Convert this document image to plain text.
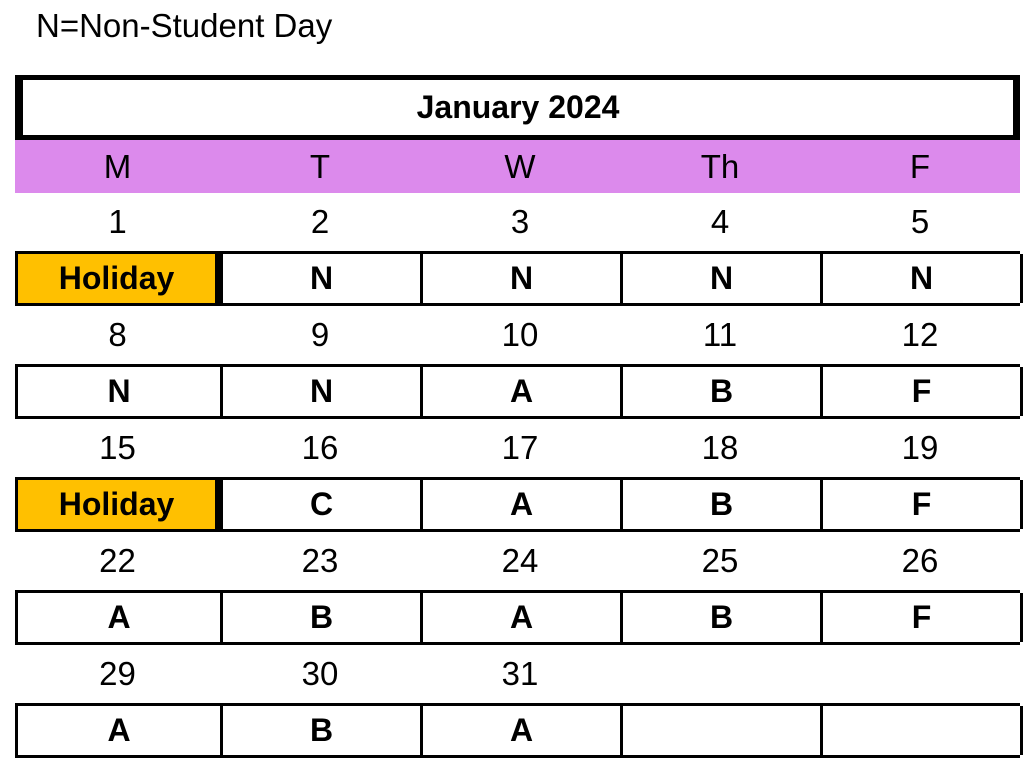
N=Non-Student Day
January 2024
M	T	W	Th	F
1	2	3	4	5
Holiday	N	N	N	N
8	9	10	11	12
N	N	A	B	F
15	16	17	18	19
Holiday	C	A	B	F
22	23	24	25	26
A	B	A	B	F
29	30	31
A	B	A
